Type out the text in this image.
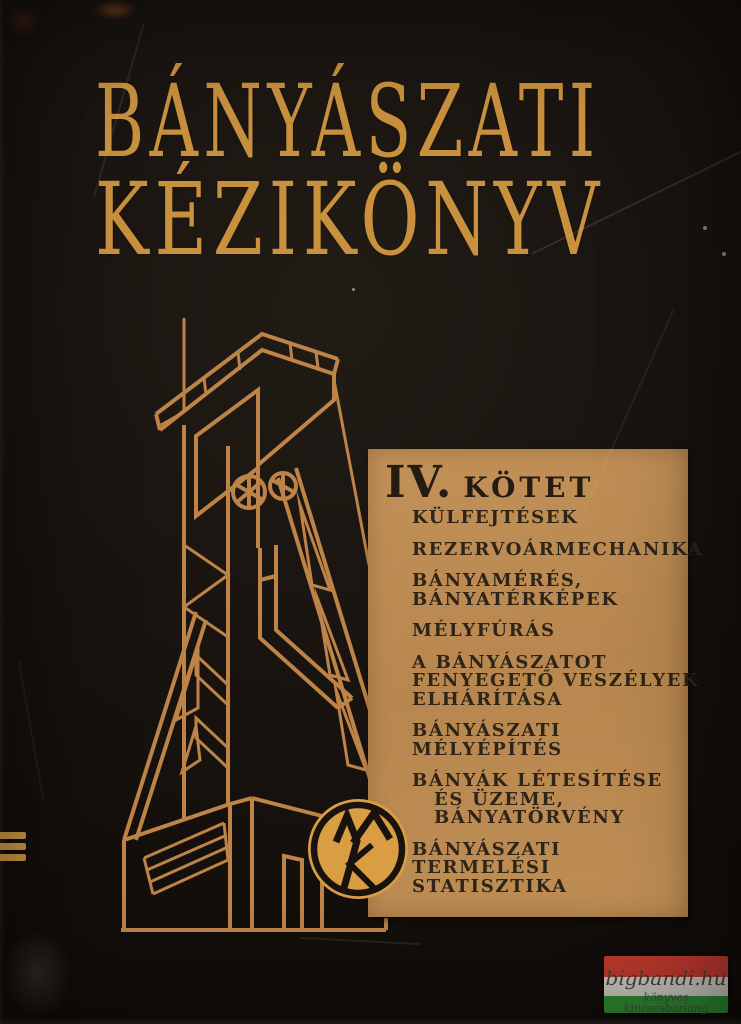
BÁNYÁSZATI
KÉZIKÖNYV
IV. KÖTET
KÜLFEJTÉSEK
REZERVOÁRMECHANIKA
BÁNYAMÉRÉS,
BÁNYATÉRKÉPEK
MÉLYFÚRÁS
A BÁNYÁSZATOT
FENYEGETŐ VESZÉLYEK
ELHÁRÍTÁSA
BÁNYÁSZATI
MÉLYÉPÍTÉS
BÁNYÁK LÉTESÍTÉSE
ÉS ÜZEME,
BÁNYATÖRVÉNY
BÁNYÁSZATI
TERMELÉSI
STATISZTIKA
bigbandi.hu
könyves kincsesbarlang
